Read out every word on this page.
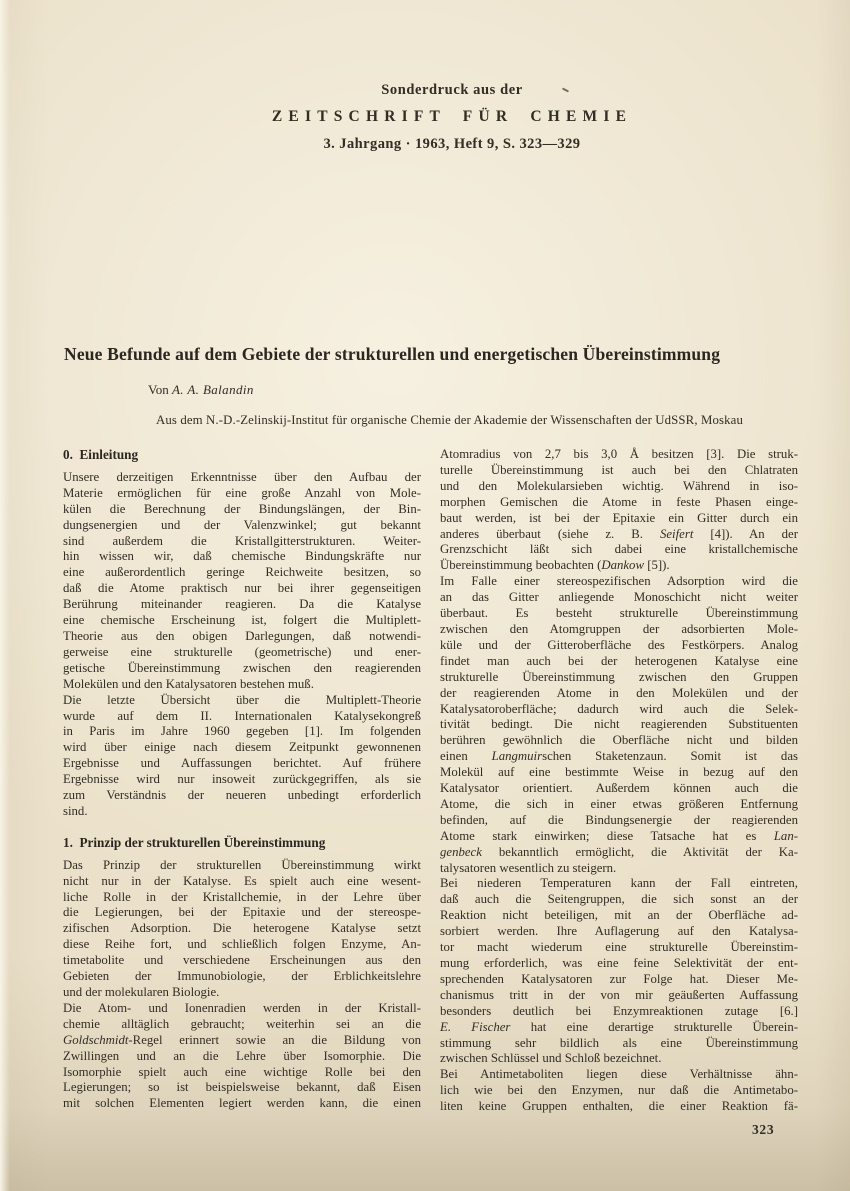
Sonderdruck aus der
ZEITSCHRIFT FÜR CHEMIE
3. Jahrgang · 1963, Heft 9, S. 323—329
Neue Befunde auf dem Gebiete der strukturellen und energetischen Übereinstimmung
Von A. A. Balandin
Aus dem N.-D.-Zelinskij-Institut für organische Chemie der Akademie der Wissenschaften der UdSSR, Moskau
0.  Einleitung
Unsere derzeitigen Erkenntnisse über den Aufbau der
Materie ermöglichen für eine große Anzahl von Mole-
külen die Berechnung der Bindungslängen, der Bin-
dungsenergien und der Valenzwinkel; gut bekannt
sind außerdem die Kristallgitterstrukturen. Weiter-
hin wissen wir, daß chemische Bindungskräfte nur
eine außerordentlich geringe Reichweite besitzen, so
daß die Atome praktisch nur bei ihrer gegenseitigen
Berührung miteinander reagieren. Da die Katalyse
eine chemische Erscheinung ist, folgert die Multiplett-
Theorie aus den obigen Darlegungen, daß notwendi-
gerweise eine strukturelle (geometrische) und ener-
getische Übereinstimmung zwischen den reagierenden
Molekülen und den Katalysatoren bestehen muß.
Die letzte Übersicht über die Multiplett-Theorie
wurde auf dem II. Internationalen Katalysekongreß
in Paris im Jahre 1960 gegeben [1]. Im folgenden
wird über einige nach diesem Zeitpunkt gewonnenen
Ergebnisse und Auffassungen berichtet. Auf frühere
Ergebnisse wird nur insoweit zurückgegriffen, als sie
zum Verständnis der neueren unbedingt erforderlich
sind.
1.  Prinzip der strukturellen Übereinstimmung
Das Prinzip der strukturellen Übereinstimmung wirkt
nicht nur in der Katalyse. Es spielt auch eine wesent-
liche Rolle in der Kristallchemie, in der Lehre über
die Legierungen, bei der Epitaxie und der stereospe-
zifischen Adsorption. Die heterogene Katalyse setzt
diese Reihe fort, und schließlich folgen Enzyme, An-
timetabolite und verschiedene Erscheinungen aus den
Gebieten der Immunobiologie, der Erblichkeitslehre
und der molekularen Biologie.
Die Atom- und Ionenradien werden in der Kristall-
chemie alltäglich gebraucht; weiterhin sei an die
Goldschmidt-Regel erinnert sowie an die Bildung von
Zwillingen und an die Lehre über Isomorphie. Die
Isomorphie spielt auch eine wichtige Rolle bei den
Legierungen; so ist beispielsweise bekannt, daß Eisen
mit solchen Elementen legiert werden kann, die einen
Atomradius von 2,7 bis 3,0 Å besitzen [3]. Die struk-
turelle Übereinstimmung ist auch bei den Chlatraten
und den Molekularsieben wichtig. Während in iso-
morphen Gemischen die Atome in feste Phasen einge-
baut werden, ist bei der Epitaxie ein Gitter durch ein
anderes überbaut (siehe z. B. Seifert [4]). An der
Grenzschicht läßt sich dabei eine kristallchemische
Übereinstimmung beobachten (Dankow [5]).
Im Falle einer stereospezifischen Adsorption wird die
an das Gitter anliegende Monoschicht nicht weiter
überbaut. Es besteht strukturelle Übereinstimmung
zwischen den Atomgruppen der adsorbierten Mole-
küle und der Gitteroberfläche des Festkörpers. Analog
findet man auch bei der heterogenen Katalyse eine
strukturelle Übereinstimmung zwischen den Gruppen
der reagierenden Atome in den Molekülen und der
Katalysatoroberfläche; dadurch wird auch die Selek-
tivität bedingt. Die nicht reagierenden Substituenten
berühren gewöhnlich die Oberfläche nicht und bilden
einen Langmuirschen Staketenzaun. Somit ist das
Molekül auf eine bestimmte Weise in bezug auf den
Katalysator orientiert. Außerdem können auch die
Atome, die sich in einer etwas größeren Entfernung
befinden, auf die Bindungsenergie der reagierenden
Atome stark einwirken; diese Tatsache hat es Lan-
genbeck bekanntlich ermöglicht, die Aktivität der Ka-
talysatoren wesentlich zu steigern.
Bei niederen Temperaturen kann der Fall eintreten,
daß auch die Seitengruppen, die sich sonst an der
Reaktion nicht beteiligen, mit an der Oberfläche ad-
sorbiert werden. Ihre Auflagerung auf den Katalysa-
tor macht wiederum eine strukturelle Übereinstim-
mung erforderlich, was eine feine Selektivität der ent-
sprechenden Katalysatoren zur Folge hat. Dieser Me-
chanismus tritt in der von mir geäußerten Auffassung
besonders deutlich bei Enzymreaktionen zutage [6.]
E. Fischer hat eine derartige strukturelle Überein-
stimmung sehr bildlich als eine Übereinstimmung
zwischen Schlüssel und Schloß bezeichnet.
Bei Antimetaboliten liegen diese Verhältnisse ähn-
lich wie bei den Enzymen, nur daß die Antimetabo-
liten keine Gruppen enthalten, die einer Reaktion fä-
323
